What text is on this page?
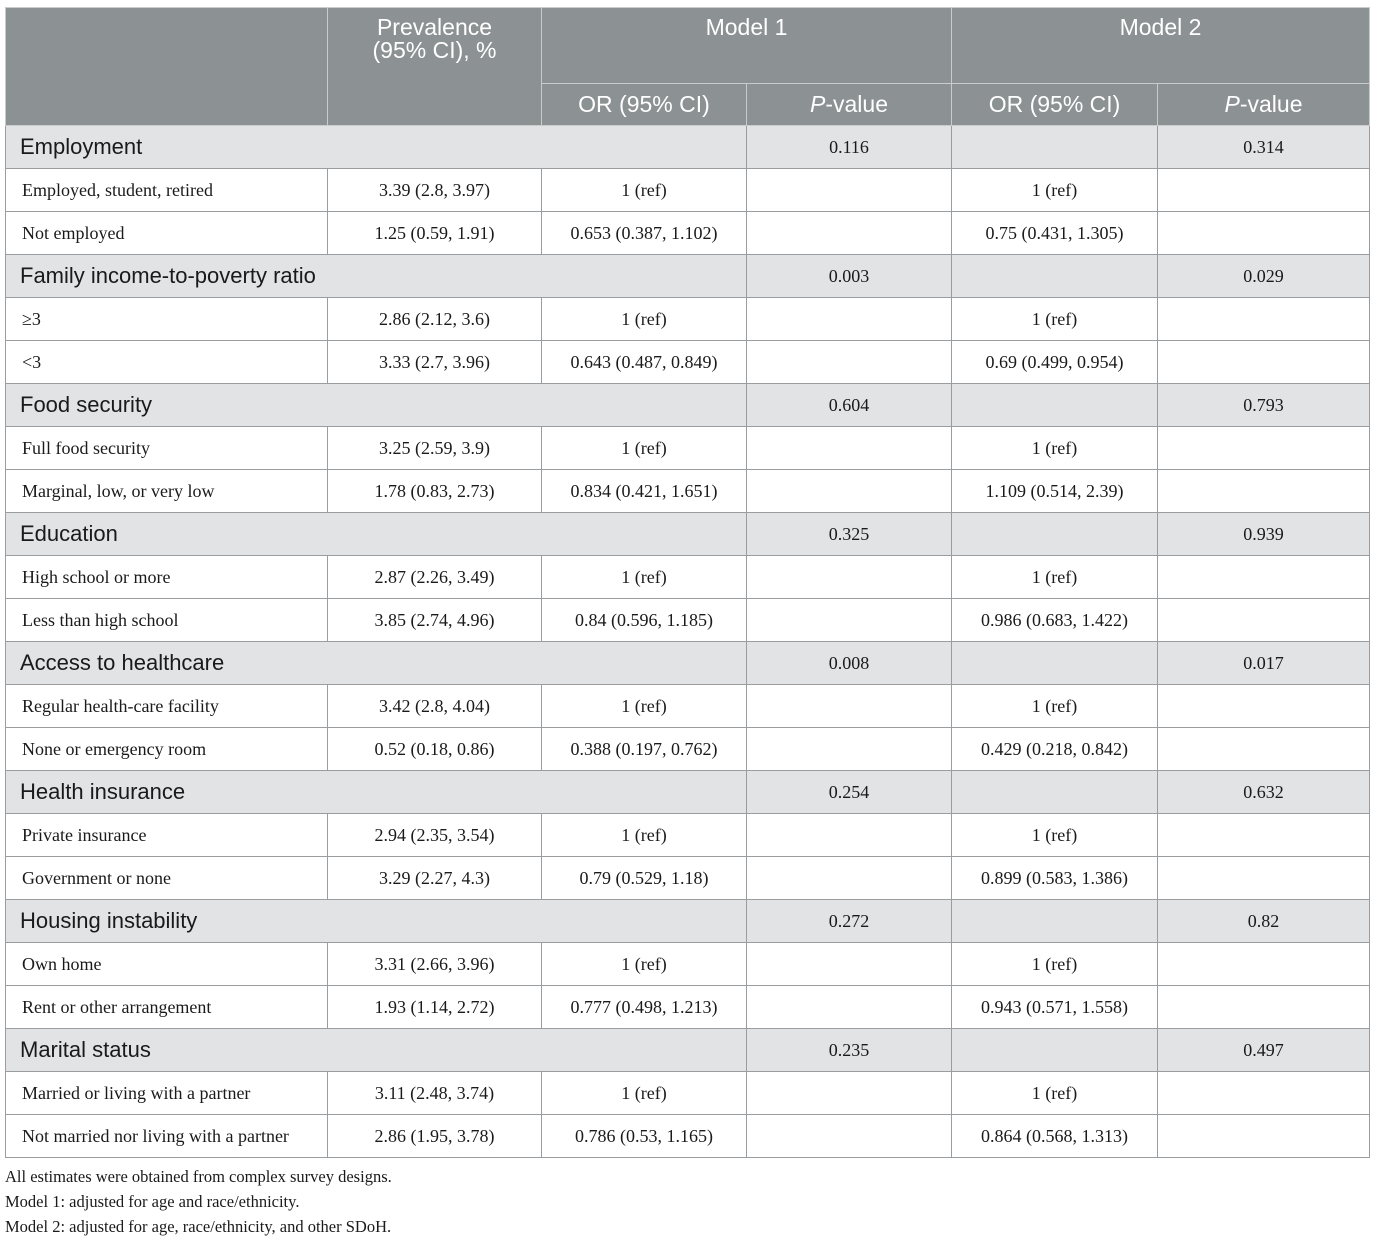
	Prevalence
(95% CI), %	Model 1		Model 2	
		OR (95% CI)	P-value	OR (95% CI)	P-value
Employment			0.116		0.314
Employed, student, retired	3.39 (2.8, 3.97)	1 (ref)		1 (ref)	
Not employed	1.25 (0.59, 1.91)	0.653 (0.387, 1.102)		0.75 (0.431, 1.305)	
Family income-to-poverty ratio			0.003		0.029
≥3	2.86 (2.12, 3.6)	1 (ref)		1 (ref)	
<3	3.33 (2.7, 3.96)	0.643 (0.487, 0.849)		0.69 (0.499, 0.954)	
Food security			0.604		0.793
Full food security	3.25 (2.59, 3.9)	1 (ref)		1 (ref)	
Marginal, low, or very low	1.78 (0.83, 2.73)	0.834 (0.421, 1.651)		1.109 (0.514, 2.39)	
Education			0.325		0.939
High school or more	2.87 (2.26, 3.49)	1 (ref)		1 (ref)	
Less than high school	3.85 (2.74, 4.96)	0.84 (0.596, 1.185)		0.986 (0.683, 1.422)	
Access to healthcare			0.008		0.017
Regular health-care facility	3.42 (2.8, 4.04)	1 (ref)		1 (ref)	
None or emergency room	0.52 (0.18, 0.86)	0.388 (0.197, 0.762)		0.429 (0.218, 0.842)	
Health insurance			0.254		0.632
Private insurance	2.94 (2.35, 3.54)	1 (ref)		1 (ref)	
Government or none	3.29 (2.27, 4.3)	0.79 (0.529, 1.18)		0.899 (0.583, 1.386)	
Housing instability			0.272		0.82
Own home	3.31 (2.66, 3.96)	1 (ref)		1 (ref)	
Rent or other arrangement	1.93 (1.14, 2.72)	0.777 (0.498, 1.213)		0.943 (0.571, 1.558)	
Marital status			0.235		0.497
Married or living with a partner	3.11 (2.48, 3.74)	1 (ref)		1 (ref)	
Not married nor living with a partner	2.86 (1.95, 3.78)	0.786 (0.53, 1.165)		0.864 (0.568, 1.313)	
All estimates were obtained from complex survey designs.
Model 1: adjusted for age and race/ethnicity.
Model 2: adjusted for age, race/ethnicity, and other SDoH.
